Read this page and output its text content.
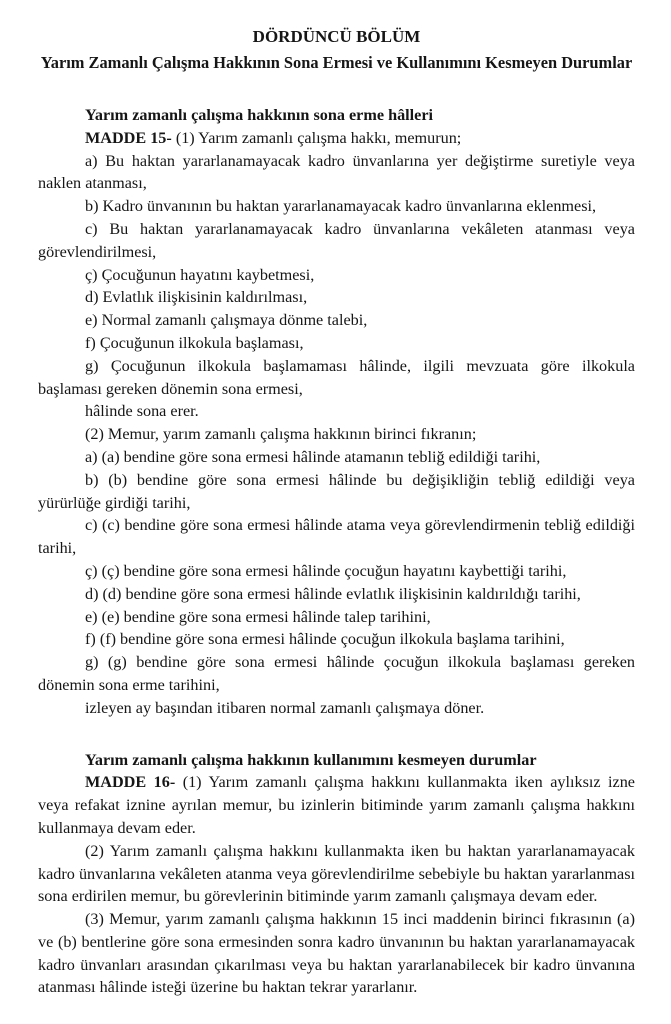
DÖRDÜNCÜ BÖLÜM
Yarım Zamanlı Çalışma Hakkının Sona Ermesi ve Kullanımını Kesmeyen Durumlar
Yarım zamanlı çalışma hakkının sona erme hâlleri

MADDE 15- (1) Yarım zamanlı çalışma hakkı, memurun;

a) Bu haktan yararlanamayacak kadro ünvanlarına yer değiştirme suretiyle veya naklen atanması,

b) Kadro ünvanının bu haktan yararlanamayacak kadro ünvanlarına eklenmesi,

c) Bu haktan yararlanamayacak kadro ünvanlarına vekâleten atanması veya görevlendirilmesi,

ç) Çocuğunun hayatını kaybetmesi,

d) Evlatlık ilişkisinin kaldırılması,

e) Normal zamanlı çalışmaya dönme talebi,

f) Çocuğunun ilkokula başlaması,

g) Çocuğunun ilkokula başlamaması hâlinde, ilgili mevzuata göre ilkokula başlaması gereken dönemin sona ermesi,

hâlinde sona erer.

(2) Memur, yarım zamanlı çalışma hakkının birinci fıkranın;

a) (a) bendine göre sona ermesi hâlinde atamanın tebliğ edildiği tarihi,

b) (b) bendine göre sona ermesi hâlinde bu değişikliğin tebliğ edildiği veya yürürlüğe girdiği tarihi,

c) (c) bendine göre sona ermesi hâlinde atama veya görevlendirmenin tebliğ edildiği tarihi,

ç) (ç) bendine göre sona ermesi hâlinde çocuğun hayatını kaybettiği tarihi,

d) (d) bendine göre sona ermesi hâlinde evlatlık ilişkisinin kaldırıldığı tarihi,

e) (e) bendine göre sona ermesi hâlinde talep tarihini,

f) (f) bendine göre sona ermesi hâlinde çocuğun ilkokula başlama tarihini,

g) (g) bendine göre sona ermesi hâlinde çocuğun ilkokula başlaması gereken dönemin sona erme tarihini,

izleyen ay başından itibaren normal zamanlı çalışmaya döner.

Yarım zamanlı çalışma hakkının kullanımını kesmeyen durumlar

MADDE 16- (1) Yarım zamanlı çalışma hakkını kullanmakta iken aylıksız izne veya refakat iznine ayrılan memur, bu izinlerin bitiminde yarım zamanlı çalışma hakkını kullanmaya devam eder.

(2) Yarım zamanlı çalışma hakkını kullanmakta iken bu haktan yararlanamayacak kadro ünvanlarına vekâleten atanma veya görevlendirilme sebebiyle bu haktan yararlanması sona erdirilen memur, bu görevlerinin bitiminde yarım zamanlı çalışmaya devam eder.

(3) Memur, yarım zamanlı çalışma hakkının 15 inci maddenin birinci fıkrasının (a) ve (b) bentlerine göre sona ermesinden sonra kadro ünvanının bu haktan yararlanamayacak kadro ünvanları arasından çıkarılması veya bu haktan yararlanabilecek bir kadro ünvanına atanması hâlinde isteği üzerine bu haktan tekrar yararlanır.
